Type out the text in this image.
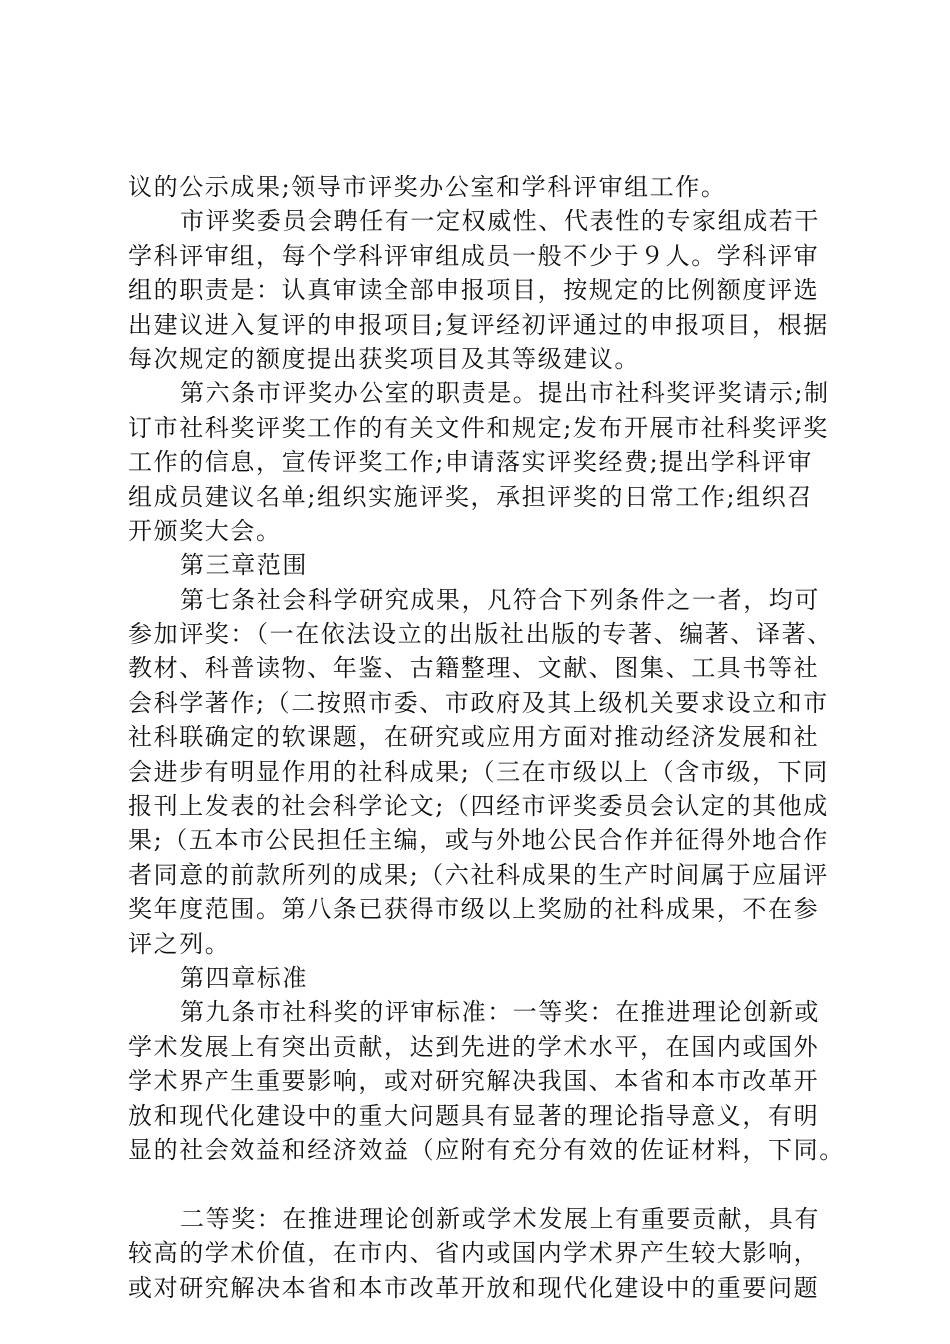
议的公示成果;领导市评奖办公室和学科评审组工作。
市评奖委员会聘任有一定权威性、代表性的专家组成若干
学科评审组，每个学科评审组成员一般不少于９人。学科评审
组的职责是：认真审读全部申报项目，按规定的比例额度评选
出建议进入复评的申报项目;复评经初评通过的申报项目，根据
每次规定的额度提出获奖项目及其等级建议。
第六条市评奖办公室的职责是。提出市社科奖评奖请示;制
订市社科奖评奖工作的有关文件和规定;发布开展市社科奖评奖
工作的信息，宣传评奖工作;申请落实评奖经费;提出学科评审
组成员建议名单;组织实施评奖，承担评奖的日常工作;组织召
开颁奖大会。
第三章范围
第七条社会科学研究成果，凡符合下列条件之一者，均可
参加评奖：（一在依法设立的出版社出版的专著、编著、译著、
教材、科普读物、年鉴、古籍整理、文献、图集、工具书等社
会科学著作;（二按照市委、市政府及其上级机关要求设立和市
社科联确定的软课题，在研究或应用方面对推动经济发展和社
会进步有明显作用的社科成果;（三在市级以上（含市级，下同
报刊上发表的社会科学论文;（四经市评奖委员会认定的其他成
果;（五本市公民担任主编，或与外地公民合作并征得外地合作
者同意的前款所列的成果;（六社科成果的生产时间属于应届评
奖年度范围。第八条已获得市级以上奖励的社科成果，不在参
评之列。
第四章标准
第九条市社科奖的评审标准：一等奖：在推进理论创新或
学术发展上有突出贡献，达到先进的学术水平，在国内或国外
学术界产生重要影响，或对研究解决我国、本省和本市改革开
放和现代化建设中的重大问题具有显著的理论指导意义，有明
显的社会效益和经济效益（应附有充分有效的佐证材料，下同。
二等奖：在推进理论创新或学术发展上有重要贡献，具有
较高的学术价值，在市内、省内或国内学术界产生较大影响，
或对研究解决本省和本市改革开放和现代化建设中的重要问题
